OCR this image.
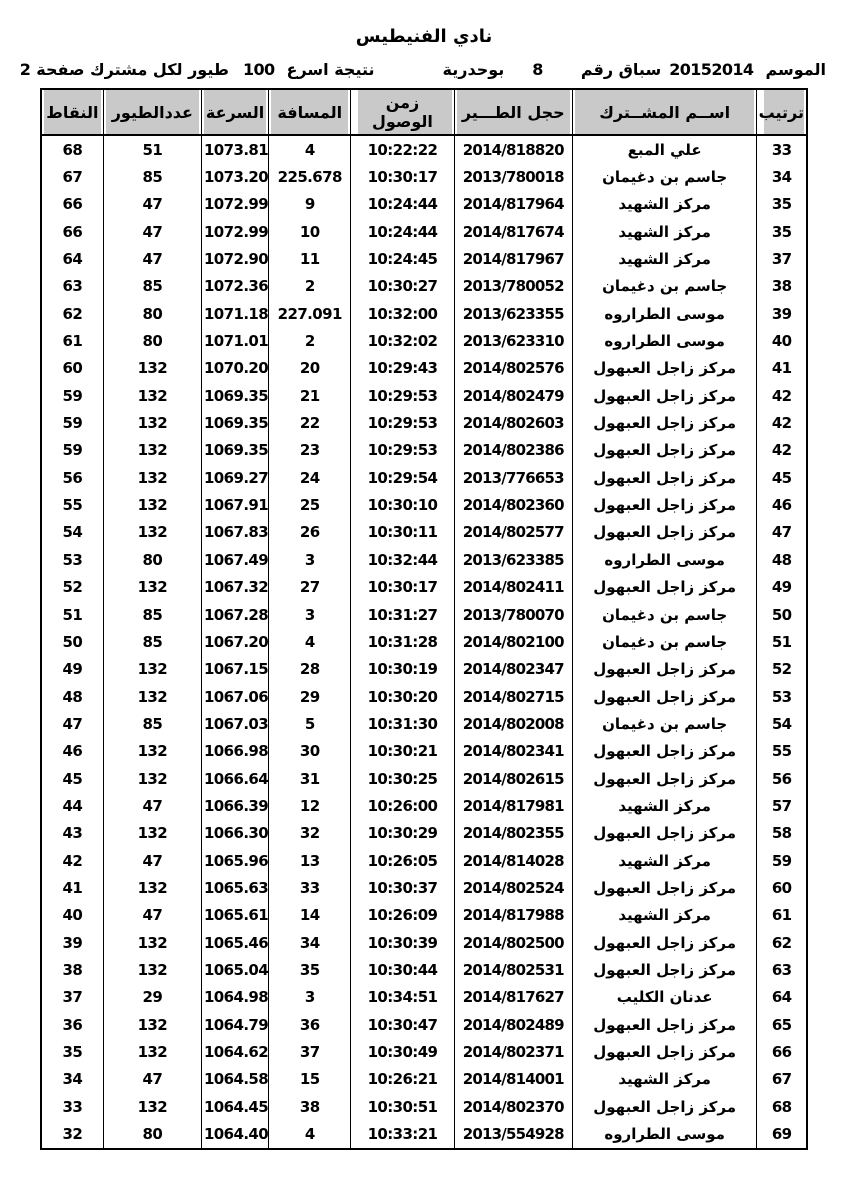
نادي الفنيطيس
الموسم
20152014
سباق رقم
8
بوحدرية
نتيجة اسرع
100
طيور لكل مشترك صفحة
2
ترتيب	اســم المشــترك	حجل الطـــير	زمن الوصول	المسافة	السرعة	عددالطيور	النقاط
33	علي المبع	2014/818820	10:22:22	4	1073.81	51	68
34	جاسم بن دغيمان	2013/780018	10:30:17	225.678	1073.20	85	67
35	مركز الشهيد	2014/817964	10:24:44	9	1072.99	47	66
35	مركز الشهيد	2014/817674	10:24:44	10	1072.99	47	66
37	مركز الشهيد	2014/817967	10:24:45	11	1072.90	47	64
38	جاسم بن دغيمان	2013/780052	10:30:27	2	1072.36	85	63
39	موسى الطراروه	2013/623355	10:32:00	227.091	1071.18	80	62
40	موسى الطراروه	2013/623310	10:32:02	2	1071.01	80	61
41	مركز زاجل العبهول	2014/802576	10:29:43	20	1070.20	132	60
42	مركز زاجل العبهول	2014/802479	10:29:53	21	1069.35	132	59
42	مركز زاجل العبهول	2014/802603	10:29:53	22	1069.35	132	59
42	مركز زاجل العبهول	2014/802386	10:29:53	23	1069.35	132	59
45	مركز زاجل العبهول	2013/776653	10:29:54	24	1069.27	132	56
46	مركز زاجل العبهول	2014/802360	10:30:10	25	1067.91	132	55
47	مركز زاجل العبهول	2014/802577	10:30:11	26	1067.83	132	54
48	موسى الطراروه	2013/623385	10:32:44	3	1067.49	80	53
49	مركز زاجل العبهول	2014/802411	10:30:17	27	1067.32	132	52
50	جاسم بن دغيمان	2013/780070	10:31:27	3	1067.28	85	51
51	جاسم بن دغيمان	2014/802100	10:31:28	4	1067.20	85	50
52	مركز زاجل العبهول	2014/802347	10:30:19	28	1067.15	132	49
53	مركز زاجل العبهول	2014/802715	10:30:20	29	1067.06	132	48
54	جاسم بن دغيمان	2014/802008	10:31:30	5	1067.03	85	47
55	مركز زاجل العبهول	2014/802341	10:30:21	30	1066.98	132	46
56	مركز زاجل العبهول	2014/802615	10:30:25	31	1066.64	132	45
57	مركز الشهيد	2014/817981	10:26:00	12	1066.39	47	44
58	مركز زاجل العبهول	2014/802355	10:30:29	32	1066.30	132	43
59	مركز الشهيد	2014/814028	10:26:05	13	1065.96	47	42
60	مركز زاجل العبهول	2014/802524	10:30:37	33	1065.63	132	41
61	مركز الشهيد	2014/817988	10:26:09	14	1065.61	47	40
62	مركز زاجل العبهول	2014/802500	10:30:39	34	1065.46	132	39
63	مركز زاجل العبهول	2014/802531	10:30:44	35	1065.04	132	38
64	عدنان الكليب	2014/817627	10:34:51	3	1064.98	29	37
65	مركز زاجل العبهول	2014/802489	10:30:47	36	1064.79	132	36
66	مركز زاجل العبهول	2014/802371	10:30:49	37	1064.62	132	35
67	مركز الشهيد	2014/814001	10:26:21	15	1064.58	47	34
68	مركز زاجل العبهول	2014/802370	10:30:51	38	1064.45	132	33
69	موسى الطراروه	2013/554928	10:33:21	4	1064.40	80	32
